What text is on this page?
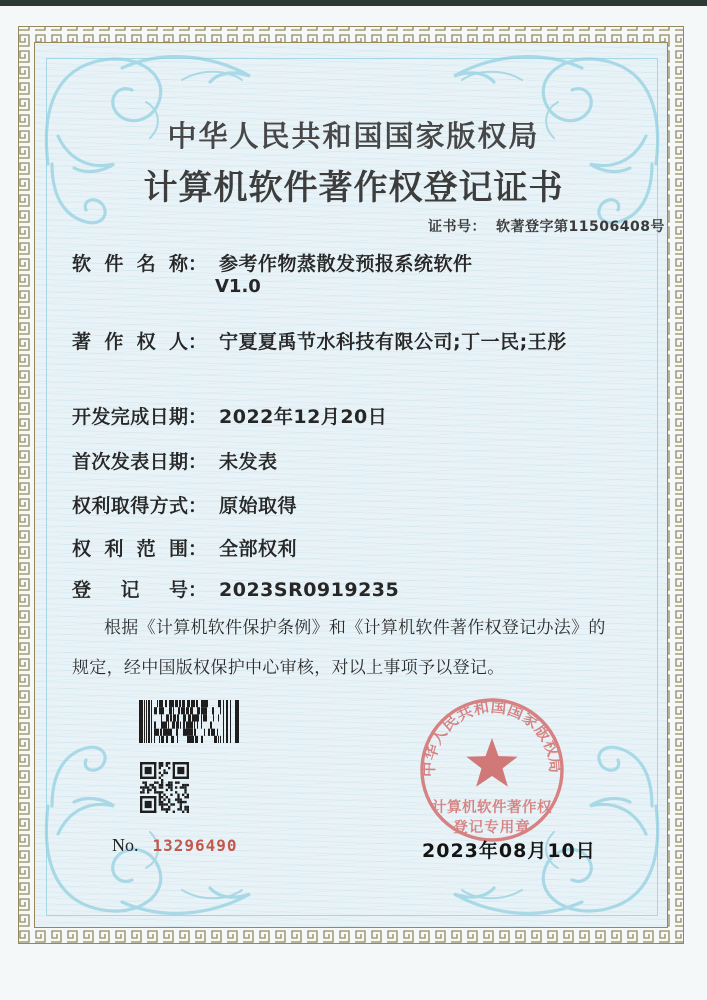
中华人民共和国国家版权局
计算机软件著作权登记证书
证书号： 软著登字第11506408号
软件名称： 参考作物蒸散发预报系统软件
V1.0
著作权人： 宁夏夏禹节水科技有限公司;丁一民;王彤
开发完成日期： 2022年12月20日
首次发表日期： 未发表
权利取得方式： 原始取得
权利范围： 全部权利
登记号： 2023SR0919235
根据《计算机软件保护条例》和《计算机软件著作权登记办法》的
规定，经中国版权保护中心审核，对以上事项予以登记。
中华人民共和国国家版权局
计算机软件著作权
登记专用章
No. 13296490	2023年08月10日
